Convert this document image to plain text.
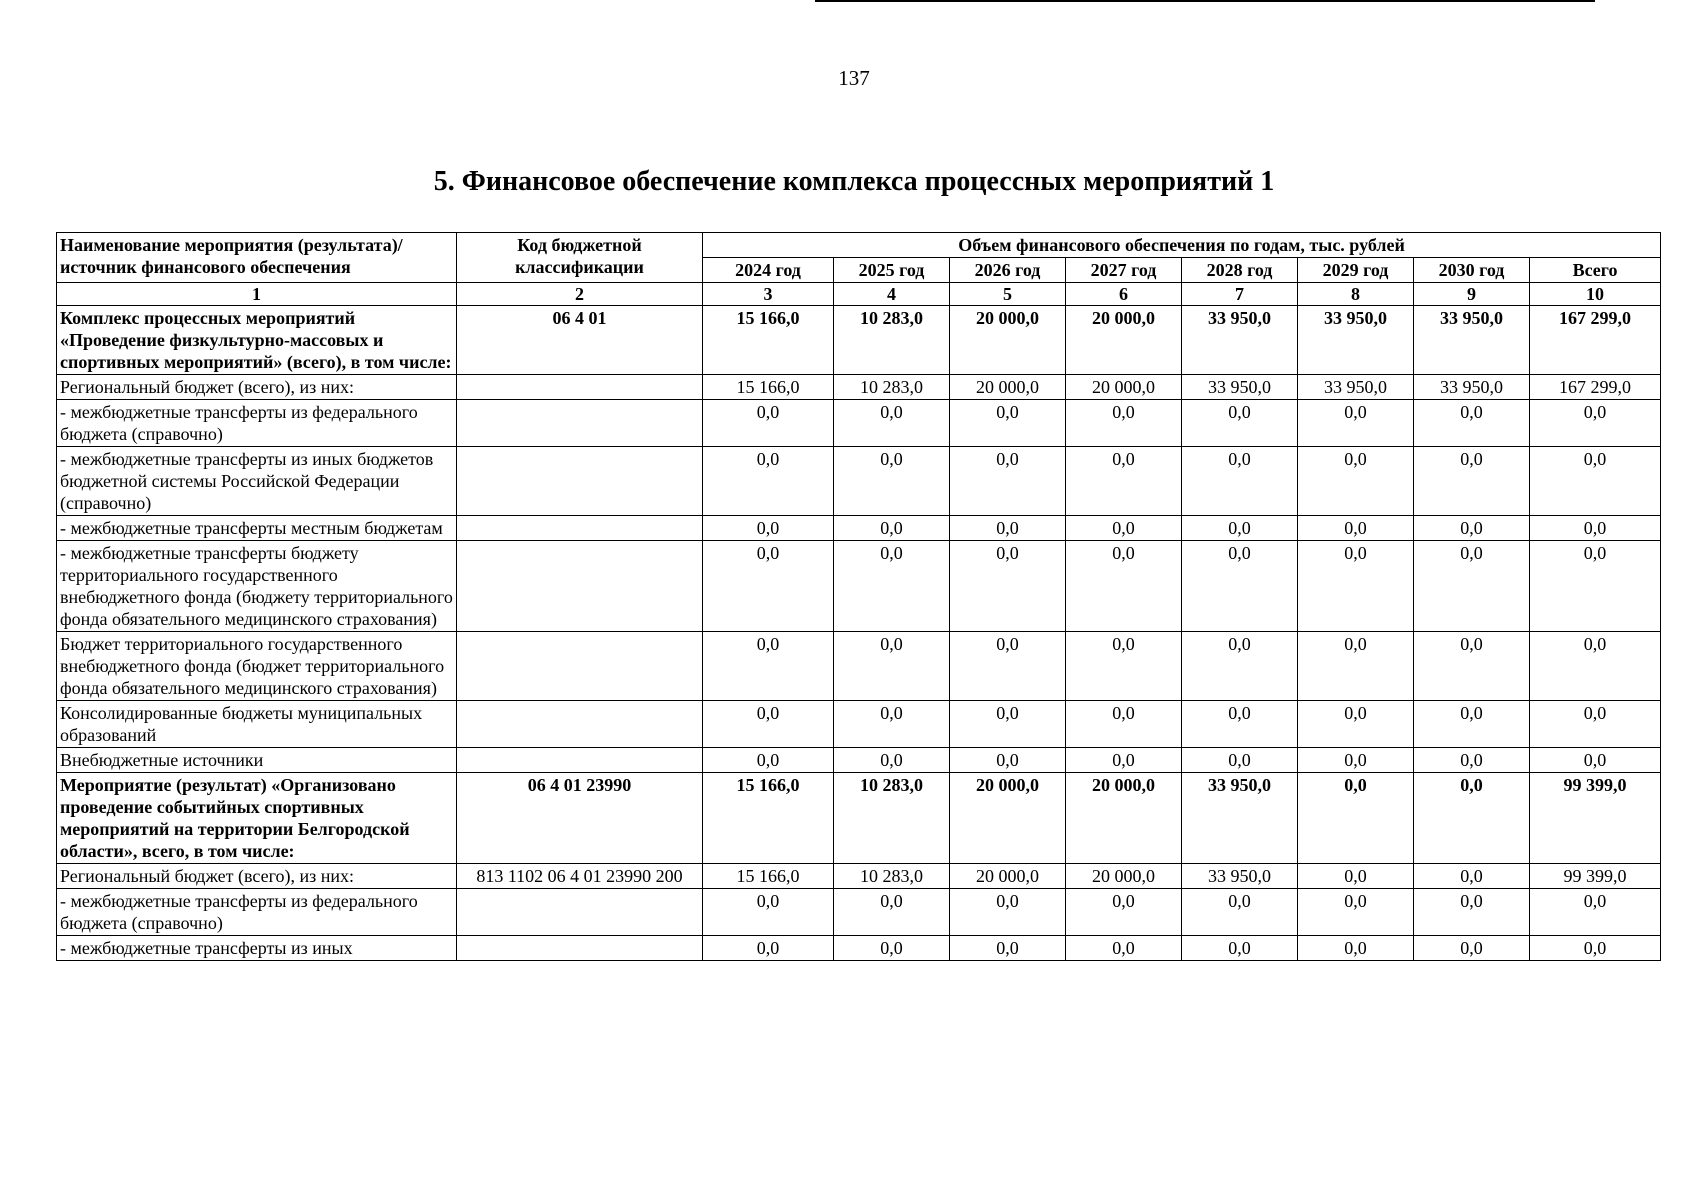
137
5. Финансовое обеспечение комплекса процессных мероприятий 1
Наименование мероприятия (результата)/ источник финансового обеспечения	Код бюджетной классификации	Объем финансового обеспечения по годам, тыс. рублей							
		2024 год	2025 год	2026 год	2027 год	2028 год	2029 год	2030 год	Всего
1	2	3	4	5	6	7	8	9	10
Комплекс процессных мероприятий «Проведение физкультурно-массовых и спортивных мероприятий» (всего), в том числе:	06 4 01	15 166,0	10 283,0	20 000,0	20 000,0	33 950,0	33 950,0	33 950,0	167 299,0
Региональный бюджет (всего), из них:		15 166,0	10 283,0	20 000,0	20 000,0	33 950,0	33 950,0	33 950,0	167 299,0
- межбюджетные трансферты из федерального бюджета (справочно)		0,0	0,0	0,0	0,0	0,0	0,0	0,0	0,0
- межбюджетные трансферты из иных бюджетов бюджетной системы Российской Федерации (справочно)		0,0	0,0	0,0	0,0	0,0	0,0	0,0	0,0
- межбюджетные трансферты местным бюджетам		0,0	0,0	0,0	0,0	0,0	0,0	0,0	0,0
- межбюджетные трансферты бюджету территориального государственного внебюджетного фонда (бюджету территориального фонда обязательного медицинского страхования)		0,0	0,0	0,0	0,0	0,0	0,0	0,0	0,0
Бюджет территориального государственного внебюджетного фонда (бюджет территориального фонда обязательного медицинского страхования)		0,0	0,0	0,0	0,0	0,0	0,0	0,0	0,0
Консолидированные бюджеты муниципальных образований		0,0	0,0	0,0	0,0	0,0	0,0	0,0	0,0
Внебюджетные источники		0,0	0,0	0,0	0,0	0,0	0,0	0,0	0,0
Мероприятие (результат) «Организовано проведение событийных спортивных мероприятий на территории Белгородской области», всего, в том числе:	06 4 01 23990	15 166,0	10 283,0	20 000,0	20 000,0	33 950,0	0,0	0,0	99 399,0
Региональный бюджет (всего), из них:	813 1102 06 4 01 23990 200	15 166,0	10 283,0	20 000,0	20 000,0	33 950,0	0,0	0,0	99 399,0
- межбюджетные трансферты из федерального бюджета (справочно)		0,0	0,0	0,0	0,0	0,0	0,0	0,0	0,0
- межбюджетные трансферты из иных		0,0	0,0	0,0	0,0	0,0	0,0	0,0	0,0
